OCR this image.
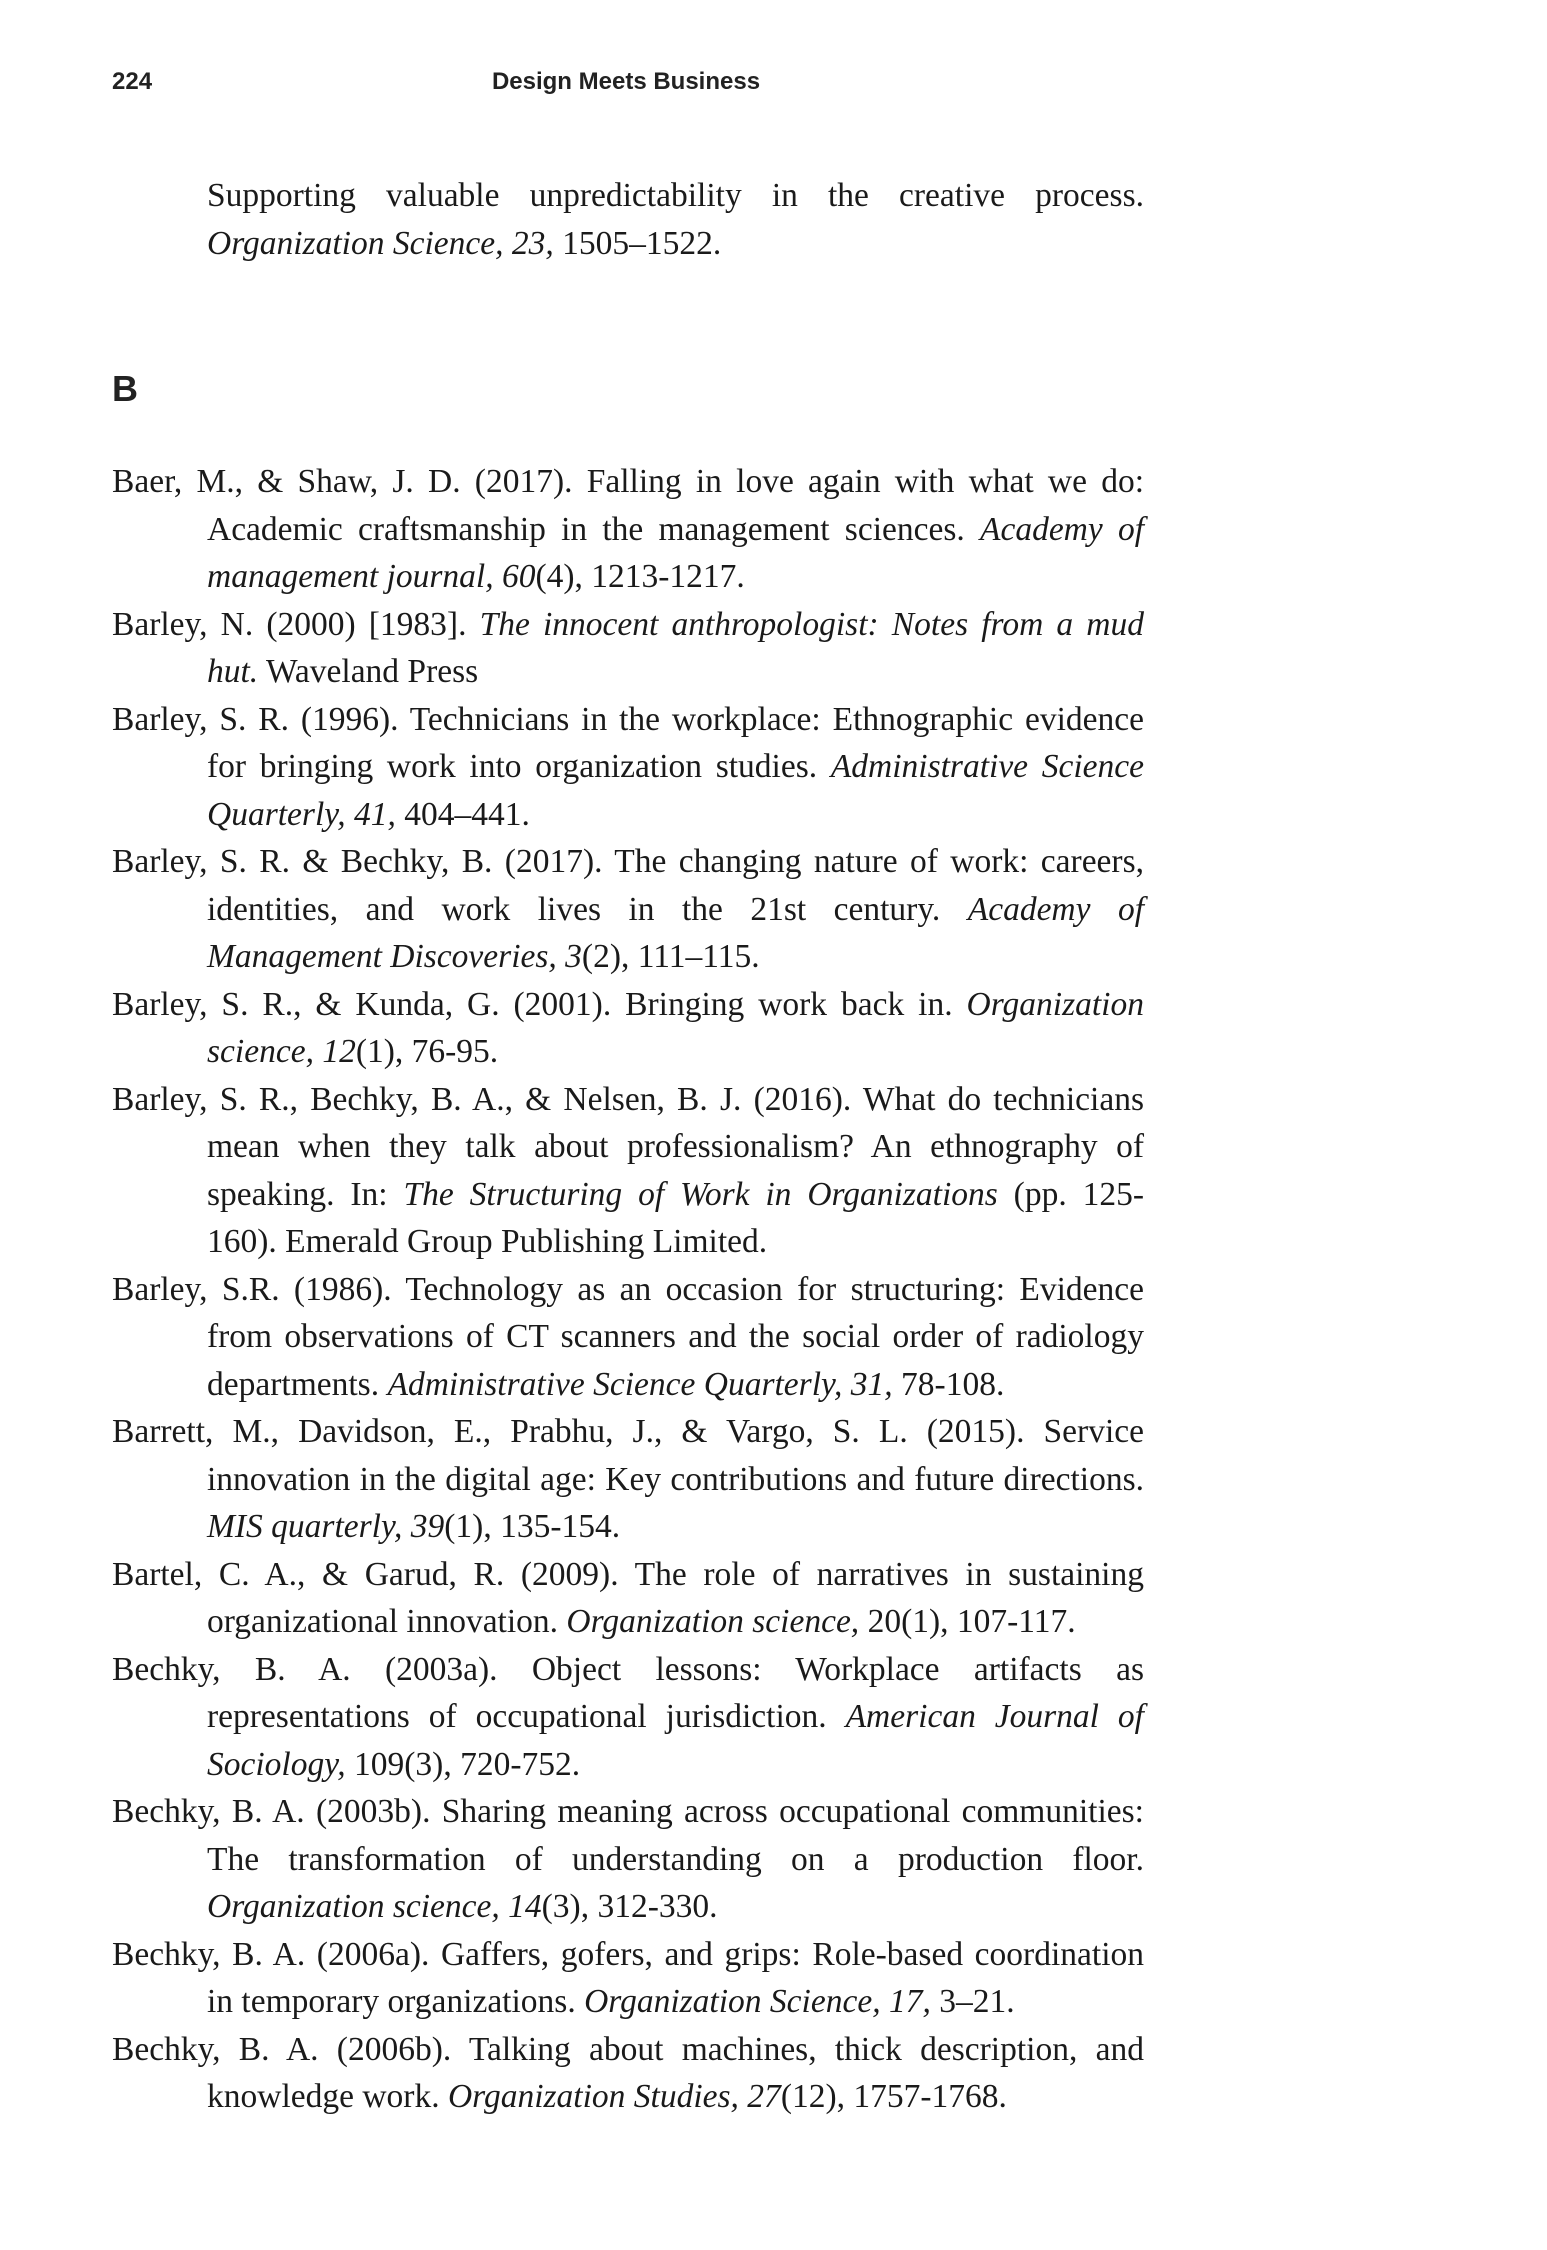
224	Design Meets Business

Supporting valuable unpredictability in the creative process. Organization Science, 23, 1505–1522.

B

Baer, M., & Shaw, J. D. (2017). Falling in love again with what we do: Academic craftsmanship in the management sciences. Academy of management journal, 60(4), 1213-1217.

Barley, N. (2000) [1983]. The innocent anthropologist: Notes from a mud hut. Waveland Press

Barley, S. R. (1996). Technicians in the workplace: Ethnographic evidence for bringing work into organization studies. Administrative Science Quarterly, 41, 404–441.

Barley, S. R. & Bechky, B. (2017). The changing nature of work: careers, identities, and work lives in the 21st century. Academy of Management Discoveries, 3(2), 111–115.

Barley, S. R., & Kunda, G. (2001). Bringing work back in. Organization science, 12(1), 76-95.

Barley, S. R., Bechky, B. A., & Nelsen, B. J. (2016). What do technicians mean when they talk about professionalism? An ethnography of speaking. In: The Structuring of Work in Organizations (pp. 125-160). Emerald Group Publishing Limited.

Barley, S.R. (1986). Technology as an occasion for structuring: Evidence from observations of CT scanners and the social order of radiology departments. Administrative Science Quarterly, 31, 78-108.

Barrett, M., Davidson, E., Prabhu, J., & Vargo, S. L. (2015). Service innovation in the digital age: Key contributions and future directions. MIS quarterly, 39(1), 135-154.

Bartel, C. A., & Garud, R. (2009). The role of narratives in sustaining organizational innovation. Organization science, 20(1), 107-117.

Bechky, B. A. (2003a). Object lessons: Workplace artifacts as representations of occupational jurisdiction. American Journal of Sociology, 109(3), 720-752.

Bechky, B. A. (2003b). Sharing meaning across occupational communities: The transformation of understanding on a production floor. Organization science, 14(3), 312-330.

Bechky, B. A. (2006a). Gaffers, gofers, and grips: Role-based coordination in temporary organizations. Organization Science, 17, 3–21.

Bechky, B. A. (2006b). Talking about machines, thick description, and knowledge work. Organization Studies, 27(12), 1757-1768.
